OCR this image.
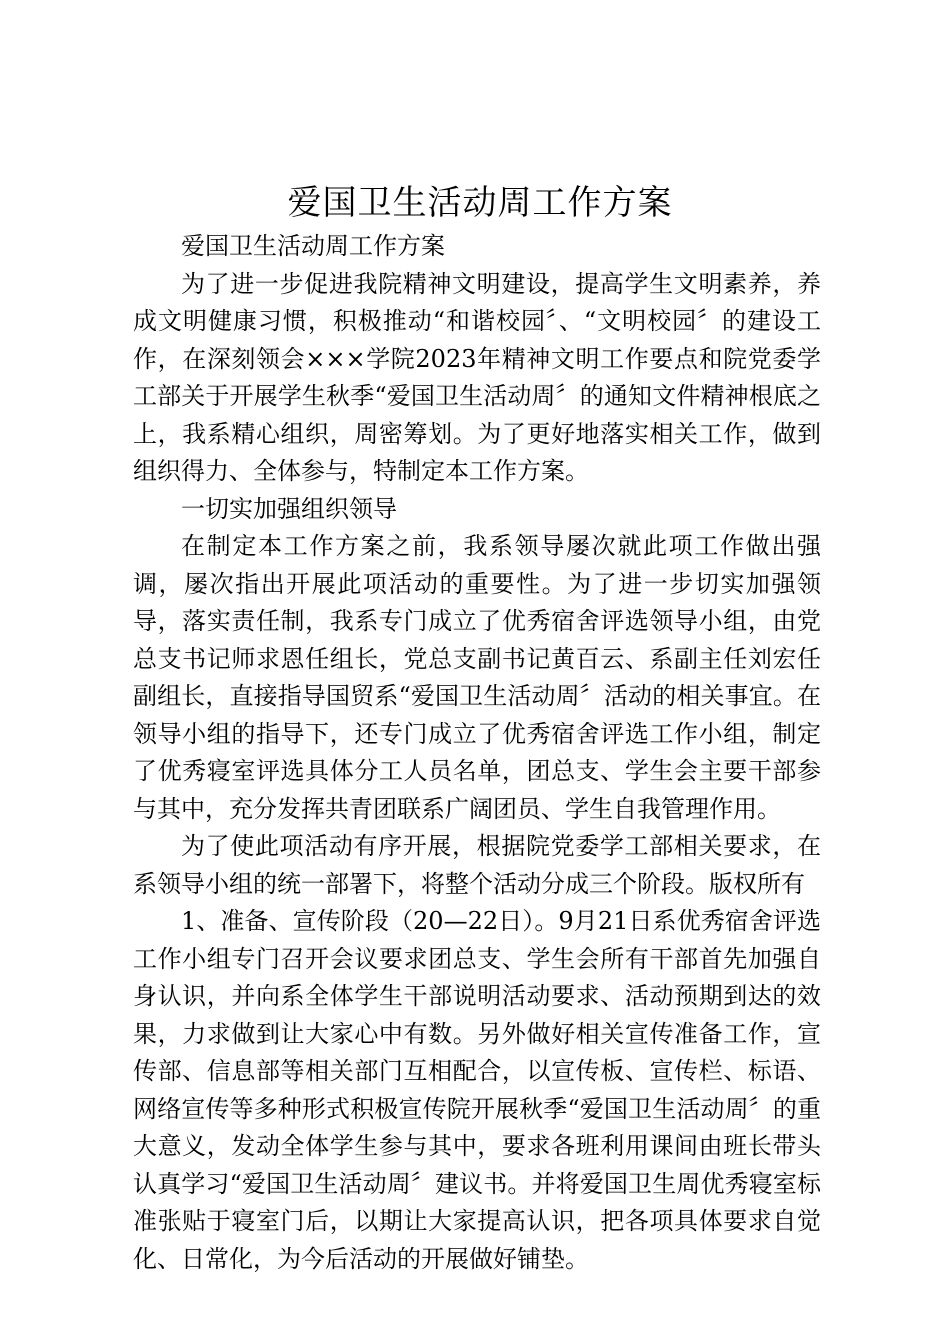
爱国卫生活动周工作方案

爱国卫生活动周工作方案

为了进一步促进我院精神文明建设，提高学生文明素养，养成文明健康习惯，积极推动“和谐校园〞、“文明校园〞的建设工作，在深刻领会×××学院2023年精神文明工作要点和院党委学工部关于开展学生秋季“爱国卫生活动周〞的通知文件精神根底之上，我系精心组织，周密筹划。为了更好地落实相关工作，做到组织得力、全体参与，特制定本工作方案。

一切实加强组织领导

在制定本工作方案之前，我系领导屡次就此项工作做出强调，屡次指出开展此项活动的重要性。为了进一步切实加强领导，落实责任制，我系专门成立了优秀宿舍评选领导小组，由党总支书记师求恩任组长，党总支副书记黄百云、系副主任刘宏任副组长，直接指导国贸系“爱国卫生活动周〞活动的相关事宜。在领导小组的指导下，还专门成立了优秀宿舍评选工作小组，制定了优秀寝室评选具体分工人员名单，团总支、学生会主要干部参与其中，充分发挥共青团联系广阔团员、学生自我管理作用。

为了使此项活动有序开展，根据院党委学工部相关要求，在系领导小组的统一部署下，将整个活动分成三个阶段。版权所有

1、准备、宣传阶段（20—22日）。9月21日系优秀宿舍评选工作小组专门召开会议要求团总支、学生会所有干部首先加强自身认识，并向系全体学生干部说明活动要求、活动预期到达的效果，力求做到让大家心中有数。另外做好相关宣传准备工作，宣传部、信息部等相关部门互相配合，以宣传板、宣传栏、标语、网络宣传等多种形式积极宣传院开展秋季“爱国卫生活动周〞的重大意义，发动全体学生参与其中，要求各班利用课间由班长带头认真学习“爱国卫生活动周〞建议书。并将爱国卫生周优秀寝室标准张贴于寝室门后，以期让大家提高认识，把各项具体要求自觉化、日常化，为今后活动的开展做好铺垫。
